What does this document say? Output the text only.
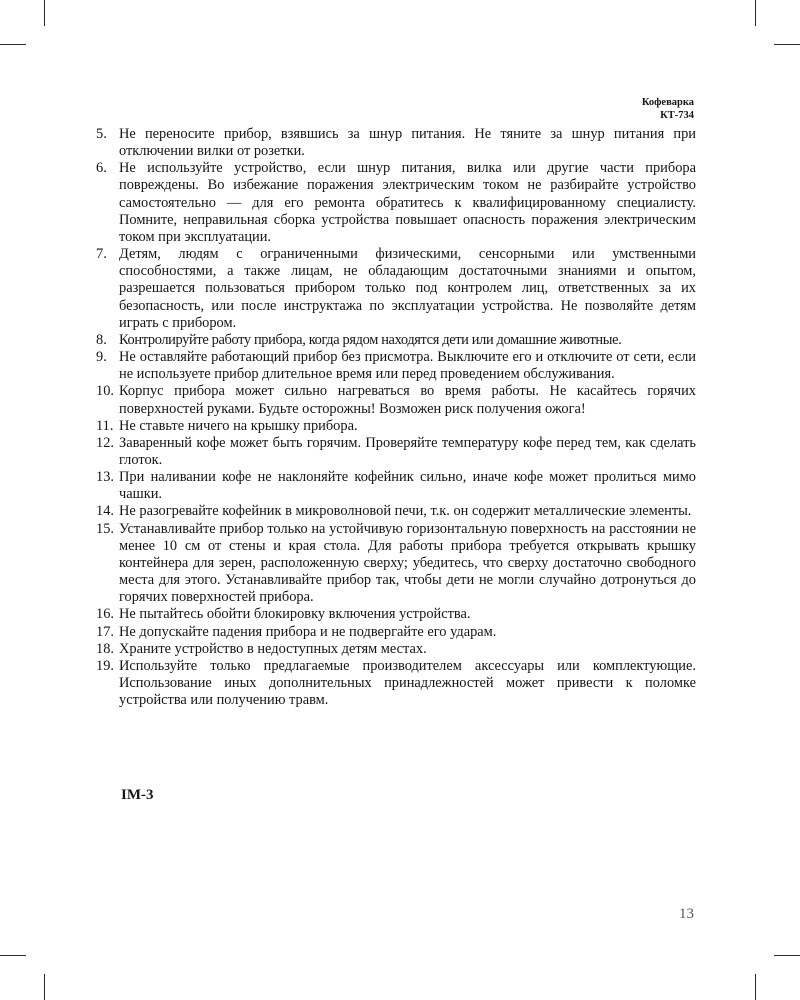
Кофеварка
КТ-734
5. Не переносите прибор, взявшись за шнур питания. Не тяните за шнур питания при отключении вилки от розетки.
6. Не используйте устройство, если шнур питания, вилка или другие части прибора повреждены. Во избежание поражения электрическим током не разбирайте устройство самостоятельно — для его ремонта обратитесь к квалифицированному специалисту. Помните, неправильная сборка устройства повышает опасность поражения электрическим током при эксплуатации.
7. Детям, людям с ограниченными физическими, сенсорными или умственными способностями, а также лицам, не обладающим достаточными знаниями и опытом, разрешается пользоваться прибором только под контролем лиц, ответственных за их безопасность, или после инструктажа по эксплуатации устройства. Не позволяйте детям играть с прибором.
8. Контролируйте работу прибора, когда рядом находятся дети или домашние животные.
9. Не оставляйте работающий прибор без присмотра. Выключите его и отключите от сети, если не используете прибор длительное время или перед проведением обслуживания.
10. Корпус прибора может сильно нагреваться во время работы. Не касайтесь горячих поверхностей руками. Будьте осторожны! Возможен риск получения ожога!
11. Не ставьте ничего на крышку прибора.
12. Заваренный кофе может быть горячим. Проверяйте температуру кофе перед тем, как сделать глоток.
13. При наливании кофе не наклоняйте кофейник сильно, иначе кофе может пролиться мимо чашки.
14. Не разогревайте кофейник в микроволновой печи, т.к. он содержит металлические элементы.
15. Устанавливайте прибор только на устойчивую горизонтальную поверхность на расстоянии не менее 10 см от стены и края стола. Для работы прибора требуется открывать крышку контейнера для зерен, расположенную сверху; убедитесь, что сверху достаточно свободного места для этого. Устанавливайте прибор так, чтобы дети не могли случайно дотронуться до горячих поверхностей прибора.
16. Не пытайтесь обойти блокировку включения устройства.
17. Не допускайте падения прибора и не подвергайте его ударам.
18. Храните устройство в недоступных детям местах.
19. Используйте только предлагаемые производителем аксессуары или комплектующие. Использование иных дополнительных принадлежностей может привести к поломке устройства или получению травм.
IM-3
13
